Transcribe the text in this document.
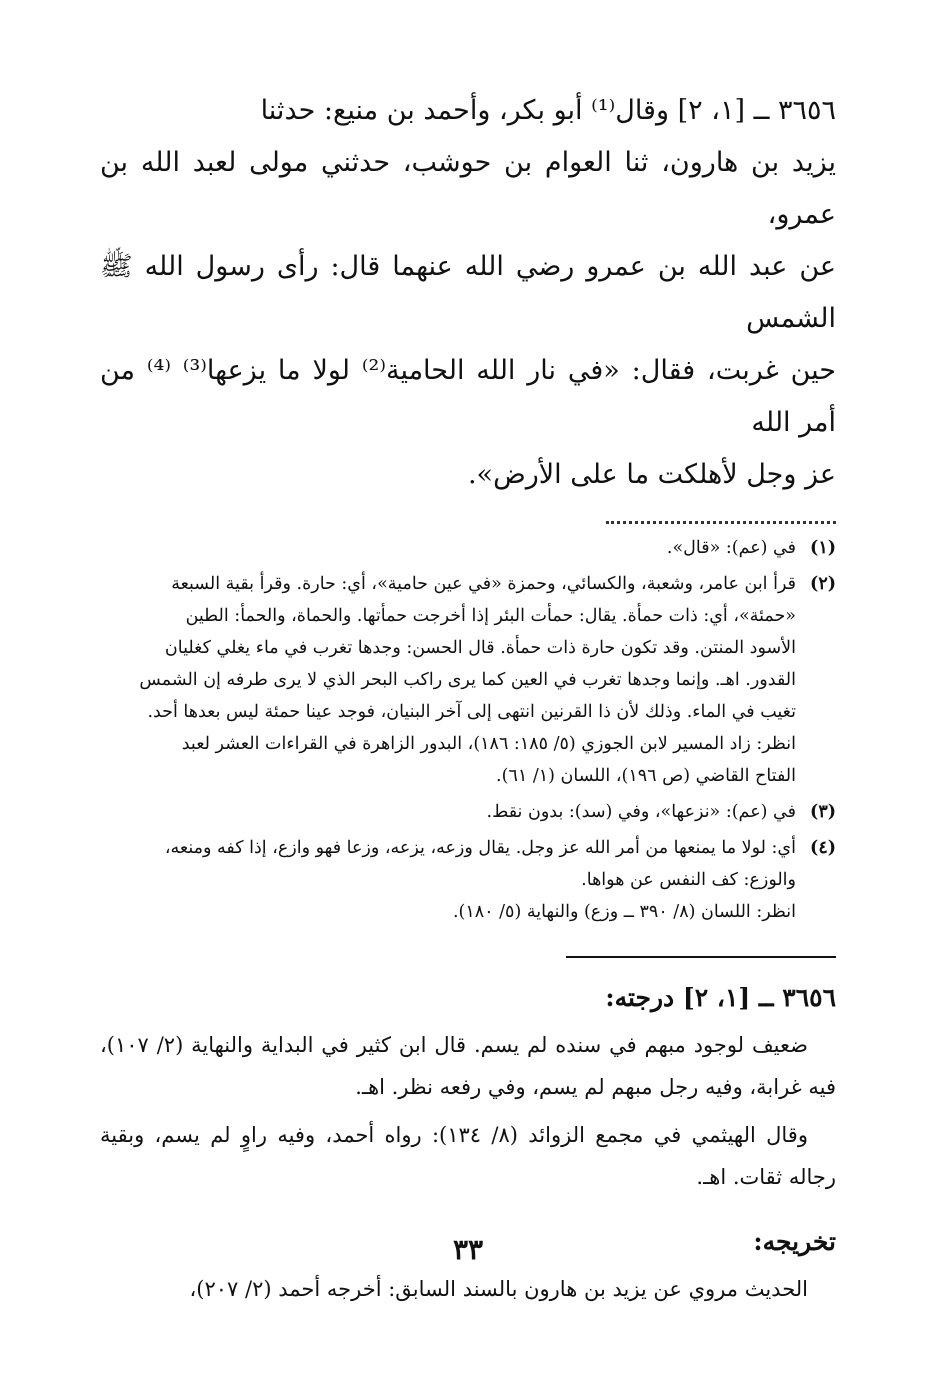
٣٦٥٦ ــ [١، ٢] وقال⁽¹⁾ أبو بكر، وأحمد بن منيع: حدثنا

يزيد بن هارون، ثنا العوام بن حوشب، حدثني مولى لعبد الله بن عمرو،

عن عبد الله بن عمرو رضي الله عنهما قال: رأى رسول الله ﷺ الشمس

حين غربت، فقال: «في نار الله الحامية⁽²⁾ لولا ما يزعها⁽³⁾ ⁽⁴⁾ من أمر الله

عز وجل لأهلكت ما على الأرض».

(١)
في (عم): «قال».
(٢)
قرأ ابن عامر، وشعبة، والكسائي، وحمزة «في عين حامية»، أي: حارة. وقرأ بقية السبعة
«حمئة»، أي: ذات حمأة. يقال: حمأت البئر إذا أخرجت حمأتها. والحماة، والحمأ: الطين
الأسود المنتن. وقد تكون حارة ذات حمأة. قال الحسن: وجدها تغرب في ماء يغلي كغليان
القدور. اهـ. وإنما وجدها تغرب في العين كما يرى راكب البحر الذي لا يرى طرفه إن الشمس
تغيب في الماء. وذلك لأن ذا القرنين انتهى إلى آخر البنيان، فوجد عينا حمئة ليس بعدها أحد.
انظر: زاد المسير لابن الجوزي (٥/ ١٨٥: ١٨٦)، البدور الزاهرة في القراءات العشر لعبد
الفتاح القاضي (ص ١٩٦)، اللسان (١/ ٦١).
(٣)
في (عم): «نزعها»، وفي (سد): بدون نقط.
(٤)
أي: لولا ما يمنعها من أمر الله عز وجل. يقال وزعه، يزعه، وزعا فهو وازع، إذا كفه ومنعه،
والوزع: كف النفس عن هواها.
انظر: اللسان (٨/ ٣٩٠ ــ وزع) والنهاية (٥/ ١٨٠).
٣٦٥٦ ــ [١، ٢] درجته:

ضعيف لوجود مبهم في سنده لم يسم. قال ابن كثير في البداية والنهاية (٢/ ١٠٧)، فيه غرابة، وفيه رجل مبهم لم يسم، وفي رفعه نظر. اهـ.

وقال الهيثمي في مجمع الزوائد (٨/ ١٣٤): رواه أحمد، وفيه راوٍ لم يسم، وبقية رجاله ثقات. اهـ.

تخريجه:

الحديث مروي عن يزيد بن هارون بالسند السابق: أخرجه أحمد (٢/ ٢٠٧)،

٣٣
